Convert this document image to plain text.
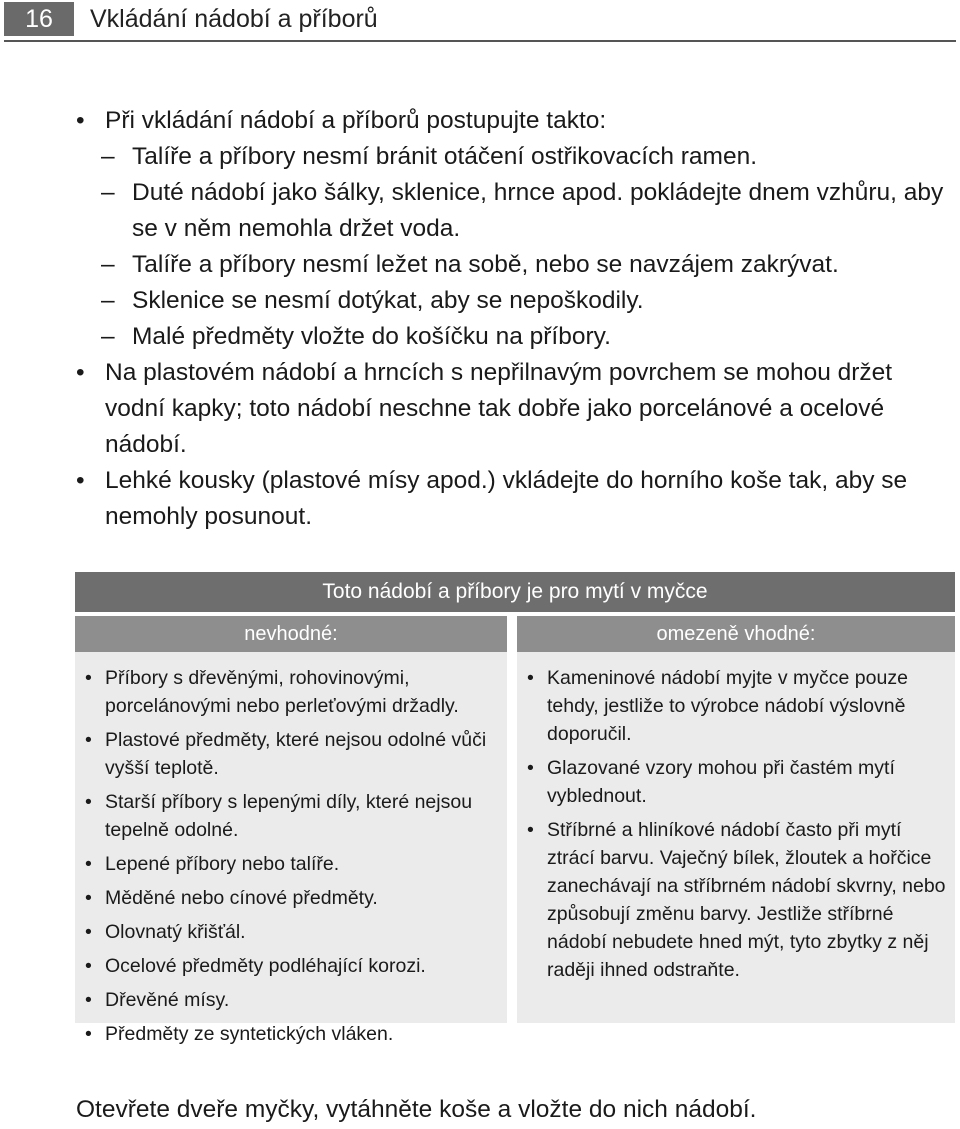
16	Vkládání nádobí a příborů
• Při vkládání nádobí a příborů postupujte takto:
– Talíře a příbory nesmí bránit otáčení ostřikovacích ramen.
– Duté nádobí jako šálky, sklenice, hrnce apod. pokládejte dnem vzhůru, aby se v něm nemohla držet voda.
– Talíře a příbory nesmí ležet na sobě, nebo se navzájem zakrývat.
– Sklenice se nesmí dotýkat, aby se nepoškodily.
– Malé předměty vložte do košíčku na příbory.
• Na plastovém nádobí a hrncích s nepřilnavým povrchem se mohou držet vodní kapky; toto nádobí neschne tak dobře jako porcelánové a ocelové nádobí.
• Lehké kousky (plastové mísy apod.) vkládejte do horního koše tak, aby se nemohly posunout.
Toto nádobí a příbory je pro mytí v myčce
nevhodné:
• Příbory s dřevěnými, rohovinovými, porcelánovými nebo perleťovými držadly.
• Plastové předměty, které nejsou odolné vůči vyšší teplotě.
• Starší příbory s lepenými díly, které nejsou tepelně odolné.
• Lepené příbory nebo talíře.
• Měděné nebo cínové předměty.
• Olovnatý křišťál.
• Ocelové předměty podléhající korozi.
• Dřevěné mísy.
• Předměty ze syntetických vláken.
omezeně vhodné:
• Kameninové nádobí myjte v myčce pouze tehdy, jestliže to výrobce nádobí výslovně doporučil.
• Glazované vzory mohou při častém mytí vyblednout.
• Stříbrné a hliníkové nádobí často při mytí ztrácí barvu. Vaječný bílek, žloutek a hořčice zanechávají na stříbrném nádobí skvrny, nebo způsobují změnu barvy. Jestliže stříbrné nádobí nebudete hned mýt, tyto zbytky z něj raději ihned odstraňte.
Otevřete dveře myčky, vytáhněte koše a vložte do nich nádobí.
